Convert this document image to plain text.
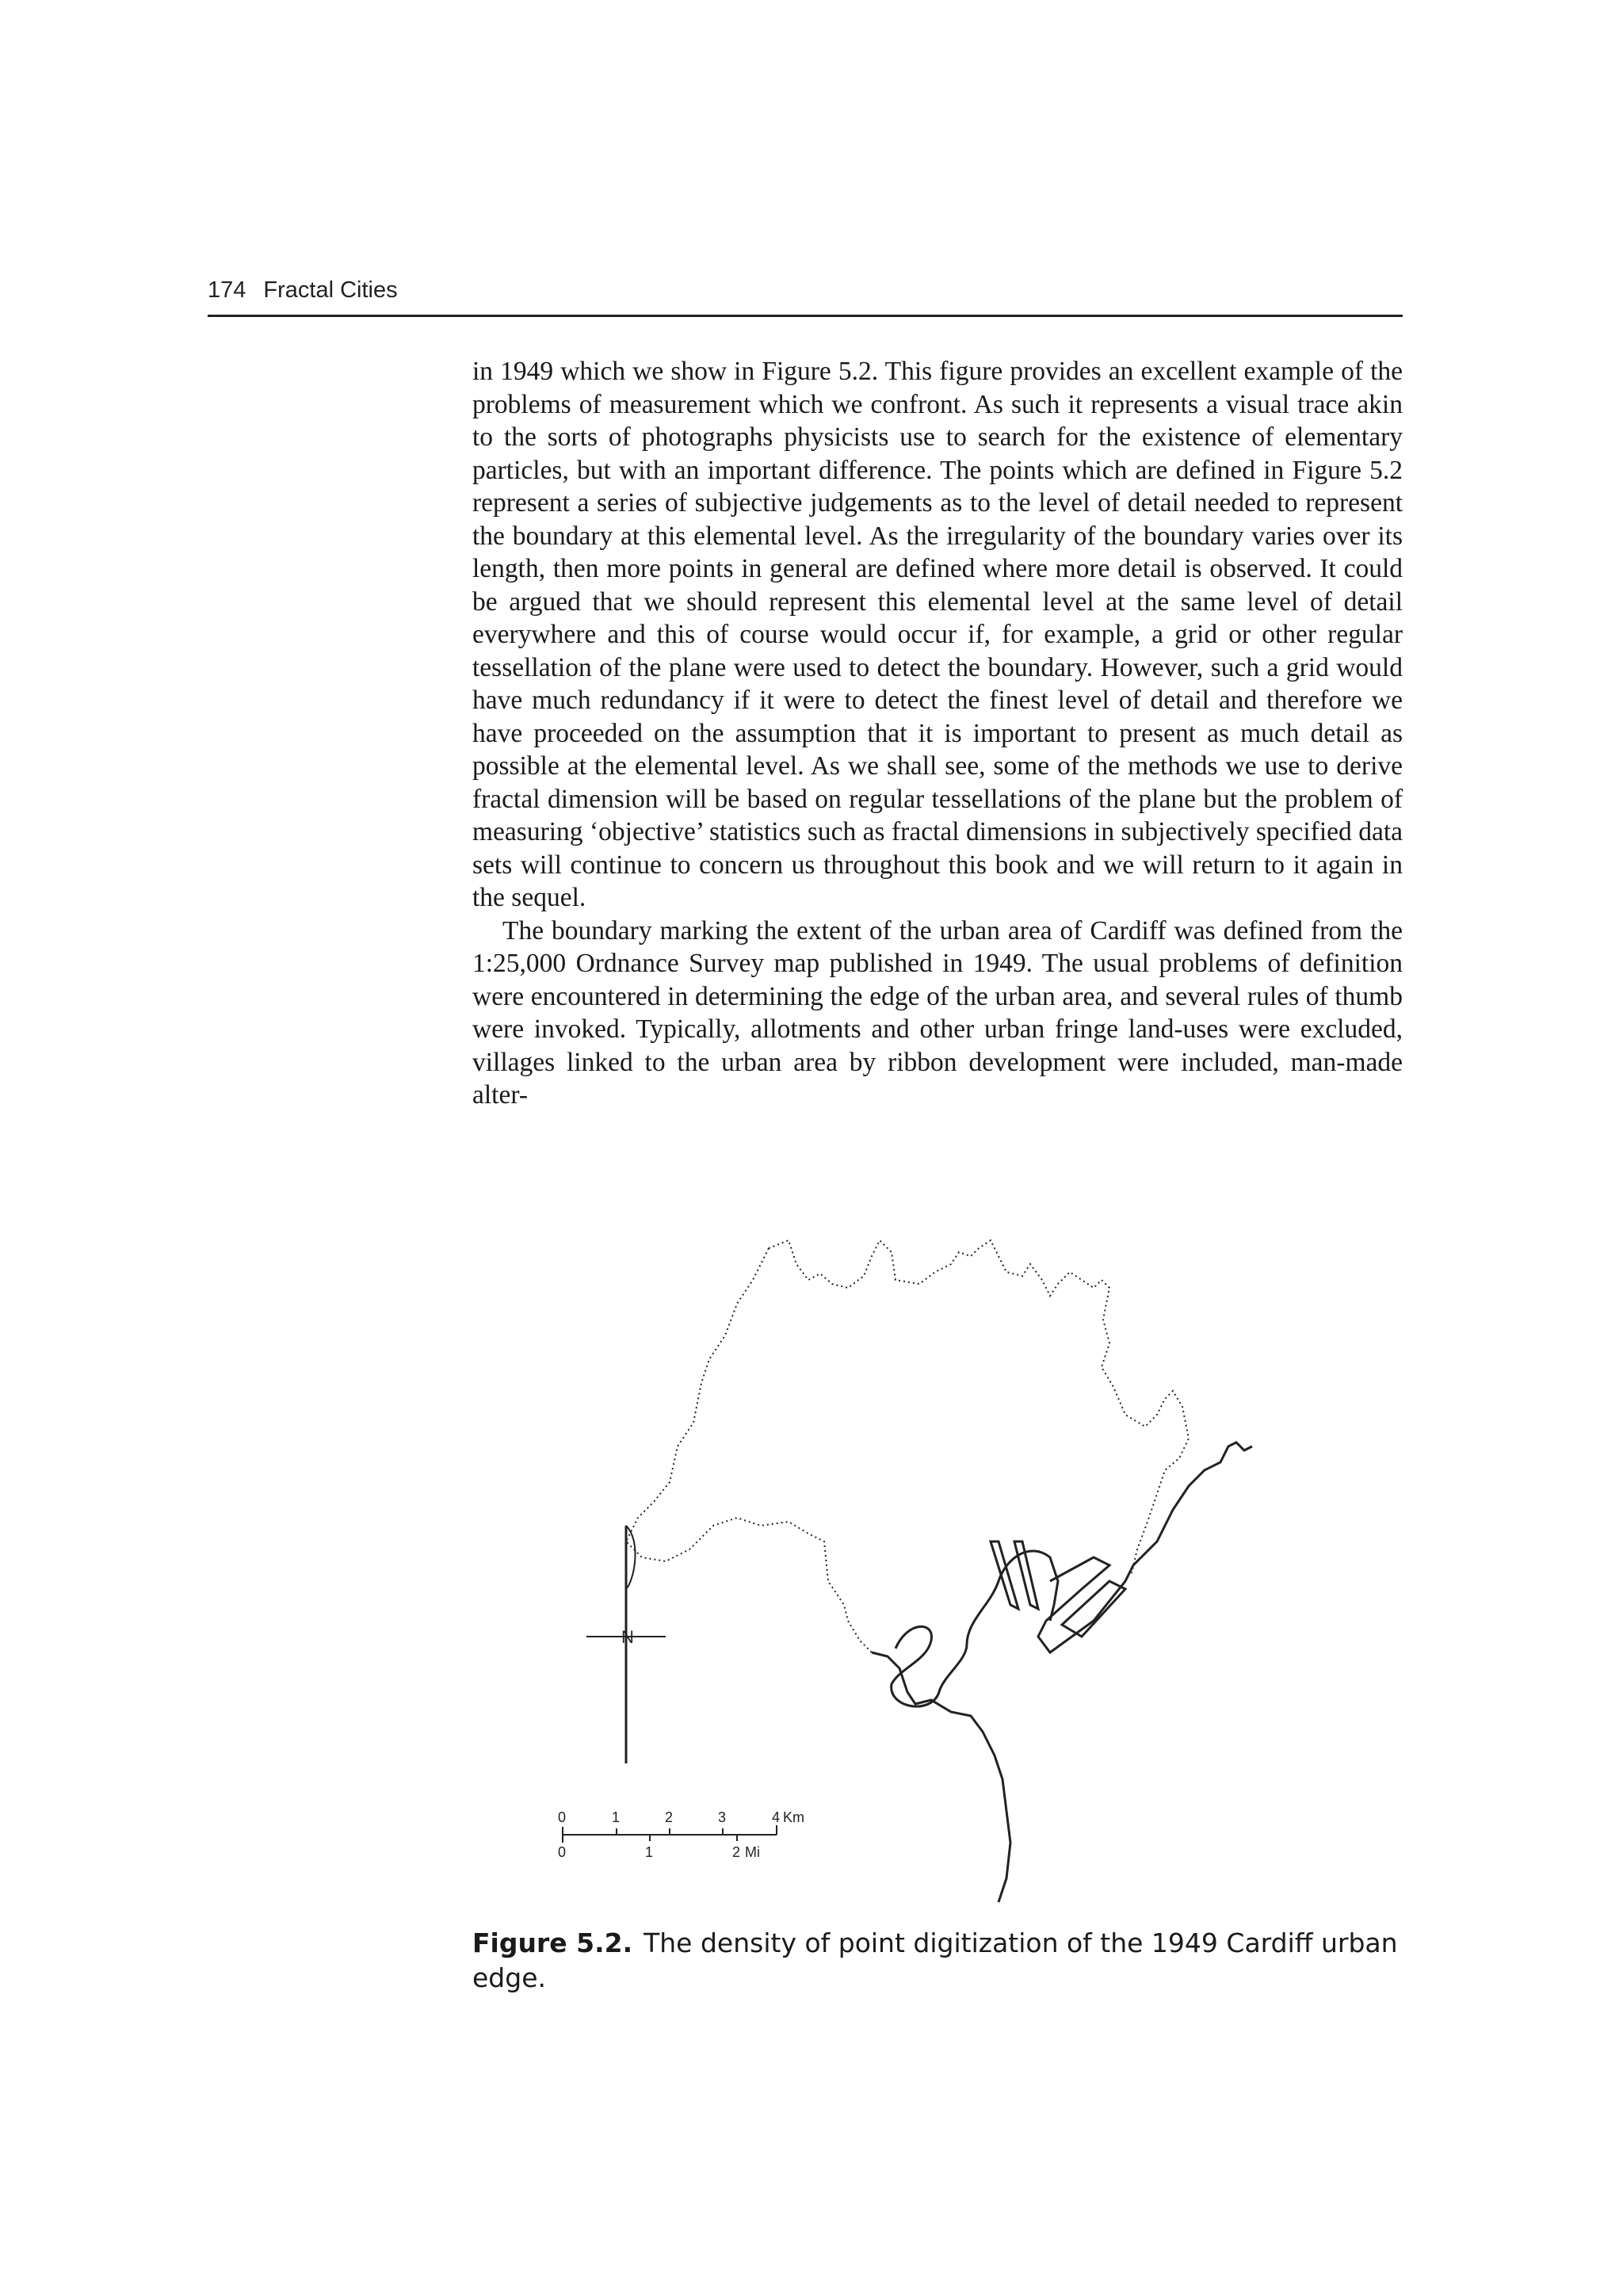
174 Fractal Cities

in 1949 which we show in Figure 5.2. This figure provides an excellent example of the problems of measurement which we confront. As such it represents a visual trace akin to the sorts of photographs physicists use to search for the existence of elementary particles, but with an important difference. The points which are defined in Figure 5.2 represent a series of subjective judgements as to the level of detail needed to represent the boundary at this elemental level. As the irregularity of the boundary varies over its length, then more points in general are defined where more detail is observed. It could be argued that we should represent this elemental level at the same level of detail everywhere and this of course would occur if, for example, a grid or other regular tessellation of the plane were used to detect the boundary. However, such a grid would have much redundancy if it were to detect the finest level of detail and therefore we have proceeded on the assumption that it is important to present as much detail as possible at the elemental level. As we shall see, some of the methods we use to derive fractal dimension will be based on regular tessellations of the plane but the problem of measuring ‘objective’ statistics such as fractal dimensions in subjectively specified data sets will continue to concern us throughout this book and we will return to it again in the sequel.

The boundary marking the extent of the urban area of Cardiff was defined from the 1:25,000 Ordnance Survey map published in 1949. The usual problems of definition were encountered in determining the edge of the urban area, and several rules of thumb were invoked. Typically, allotments and other urban fringe land-uses were excluded, villages linked to the urban area by ribbon development were included, man-made alter-

N
0	1	2	3	4 Km
0	1	2 Mi
Figure 5.2. The density of point digitization of the 1949 Cardiff urban edge.
